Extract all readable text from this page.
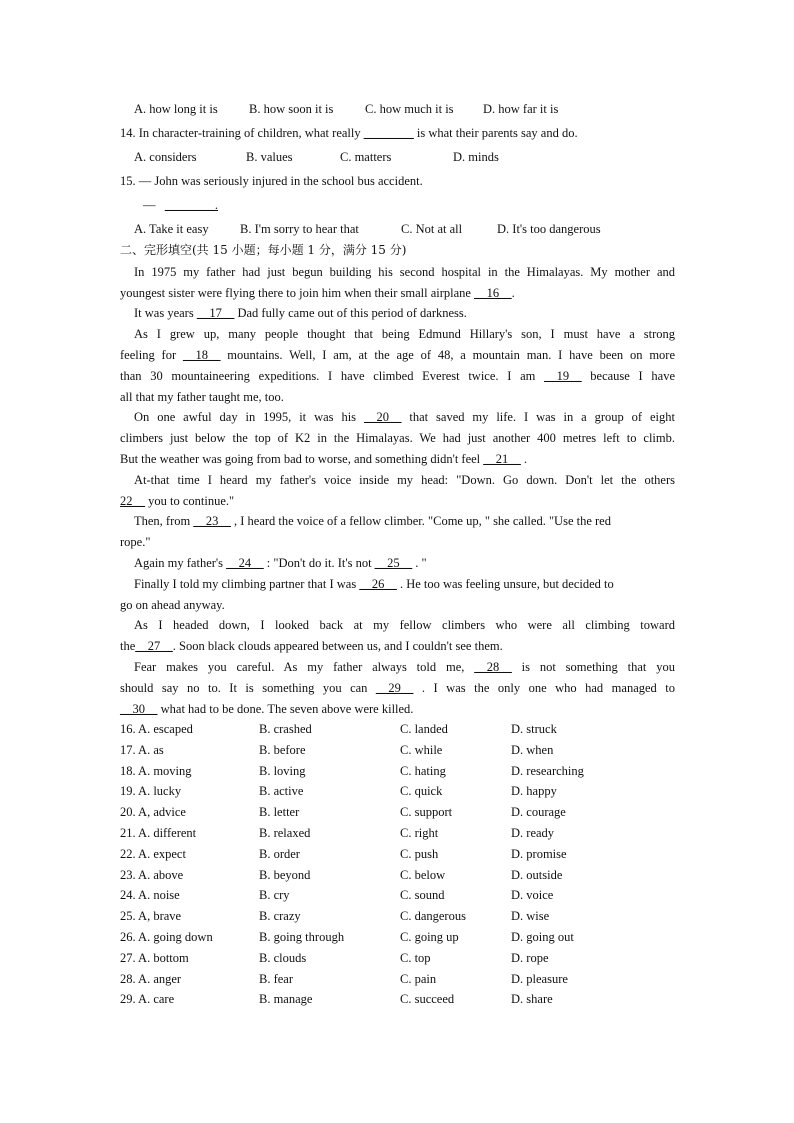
A. how long it is	B. how soon it is	C. how much it is D. how far it is
14. In character-training of children, what really ________ is what their parents say and do.
A. considers	B. values	C. matters	D. minds
15. — John was seriously injured in the school bus accident.
— ________.
A. Take it easy	B. I'm sorry to hear that	C. Not at all	D. It's too dangerous
二、完形填空(共 15 小题；每小题 1 分，满分 15 分)
In 1975 my father had just begun building his second hospital in the Himalayas. My mother and
youngest sister were flying there to join him when their small airplane __16__.
It was years __17__ Dad fully came out of this period of darkness.
As I grew up, many people thought that being Edmund Hillary's son, I must have a strong
feeling for __18__ mountains. Well, I am, at the age of 48, a mountain man. I have been on more
than 30 mountaineering expeditions. I have climbed Everest twice. I am __19__ because I have
all that my father taught me, too.
On one awful day in 1995, it was his __20__ that saved my life. I was in a group of eight
climbers just below the top of K2 in the Himalayas. We had just another 400 metres left to climb.
But the weather was going from bad to worse, and something didn't feel __21__ .
At-that time I heard my father's voice inside my head: "Down. Go down. Don't let the others
22__ you to continue."
Then, from __23__ , I heard the voice of a fellow climber. "Come up, " she called. "Use the red
rope."
Again my father's __24__ : "Don't do it. It's not __25__ . "
Finally I told my climbing partner that I was __26__ . He too was feeling unsure, but decided to
go on ahead anyway.
As I headed down, I looked back at my fellow climbers who were all climbing toward
the__27__. Soon black clouds appeared between us, and I couldn't see them.
Fear makes you careful. As my father always told me, __28__ is not something that you
should say no to. It is something you can __29__ . I was the only one who had managed to
__30__ what had to be done. The seven above were killed.
16. A. escaped	B. crashed	C. landed	D. struck
17. A. as	B. before	C. while	D. when
18. A. moving	B. loving	C. hating	D. researching
19. A. lucky	B. active	C. quick	D. happy
20. A, advice	B. letter	C. support	D. courage
21. A. different	B. relaxed	C. right	D. ready
22. A. expect	B. order	C. push	D. promise
23. A. above	B. beyond	C. below	D. outside
24. A. noise	B. cry	C. sound	D. voice
25. A, brave	B. crazy	C. dangerous	D. wise
26. A. going down	B. going through	C. going up	D. going out
27. A. bottom	B. clouds	C. top	D. rope
28. A. anger	B. fear	C. pain	D. pleasure
29. A. care	B. manage	C. succeed	D. share
